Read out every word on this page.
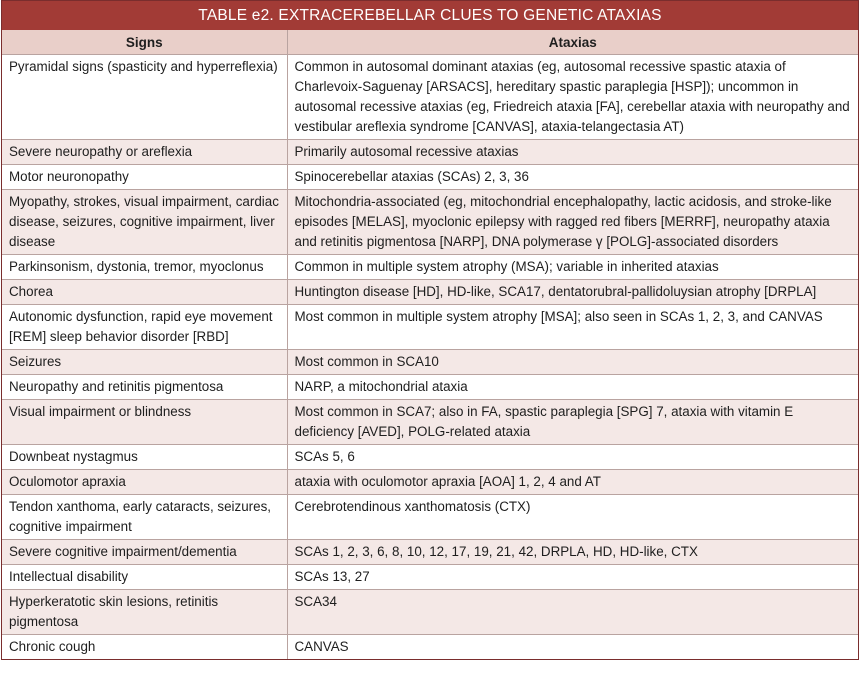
TABLE e2. EXTRACEREBELLAR CLUES TO GENETIC ATAXIAS
Signs	Ataxias
Pyramidal signs (spasticity and hyperreflexia)	Common in autosomal dominant ataxias (eg, autosomal recessive spastic ataxia of Charlevoix-Saguenay [ARSACS], hereditary spastic paraplegia [HSP]); uncommon in autosomal recessive ataxias (eg, Friedreich ataxia [FA], cerebellar ataxia with neuropathy and vestibular areflexia syndrome [CANVAS], ataxia-telangectasia AT)
Severe neuropathy or areflexia	Primarily autosomal recessive ataxias
Motor neuronopathy	Spinocerebellar ataxias (SCAs) 2, 3, 36
Myopathy, strokes, visual impairment, cardiac disease, seizures, cognitive impairment, liver disease	Mitochondria-associated (eg, mitochondrial encephalopathy, lactic acidosis, and stroke-like episodes [MELAS], myoclonic epilepsy with ragged red fibers [MERRF], neuropathy ataxia and retinitis pigmentosa [NARP], DNA polymerase γ [POLG]-associated disorders
Parkinsonism, dystonia, tremor, myoclonus	Common in multiple system atrophy (MSA); variable in inherited ataxias
Chorea	Huntington disease [HD], HD-like, SCA17, dentatorubral-pallidoluysian atrophy [DRPLA]
Autonomic dysfunction, rapid eye movement [REM] sleep behavior disorder [RBD]	Most common in multiple system atrophy [MSA]; also seen in SCAs 1, 2, 3, and CANVAS
Seizures	Most common in SCA10
Neuropathy and retinitis pigmentosa	NARP, a mitochondrial ataxia
Visual impairment or blindness	Most common in SCA7; also in FA, spastic paraplegia [SPG] 7, ataxia with vitamin E deficiency [AVED], POLG-related ataxia
Downbeat nystagmus	SCAs 5, 6
Oculomotor apraxia	ataxia with oculomotor apraxia [AOA] 1, 2, 4 and AT
Tendon xanthoma, early cataracts, seizures, cognitive impairment	Cerebrotendinous xanthomatosis (CTX)
Severe cognitive impairment/dementia	SCAs 1, 2, 3, 6, 8, 10, 12, 17, 19, 21, 42, DRPLA, HD, HD-like, CTX
Intellectual disability	SCAs 13, 27
Hyperkeratotic skin lesions, retinitis pigmentosa	SCA34
Chronic cough	CANVAS
